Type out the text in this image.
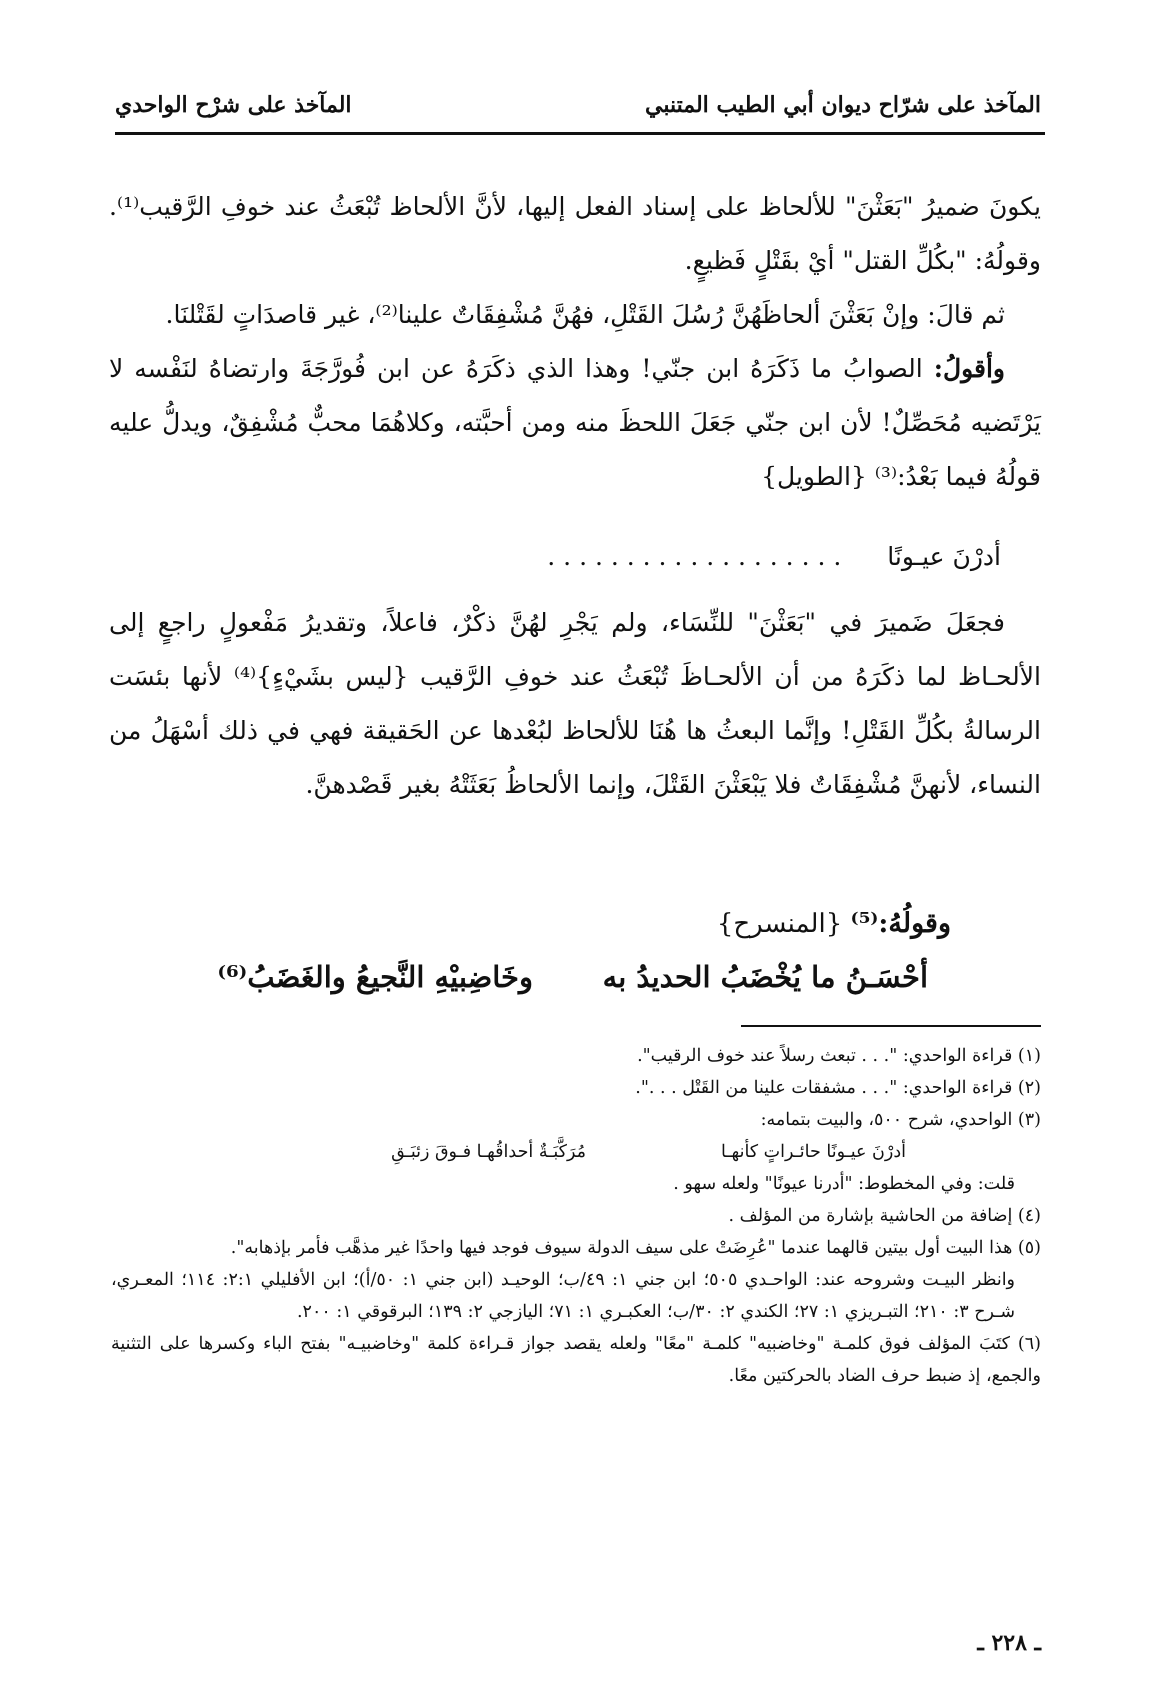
المآخذ على شرّاح ديوان أبي الطيب المتنبي
المآخذ على شرْح الواحدي

يكونَ ضميرُ "بَعَثْنَ" للألحاظ على إسناد الفعل إليها، لأنَّ الألحاظ تُبْعَثُ عند خوفِ الرَّقيب⁽¹⁾. وقولُهُ: "بكُلِّ القتل" أيْ بقَتْلٍ فَظيعٍ.

ثم قالَ: وإنْ بَعَثْنَ ألحاظَهُنَّ رُسُلَ القَتْلِ، فهُنَّ مُشْفِقَاتٌ علينا⁽²⁾، غير قاصدَاتٍ لقَتْلنَا.

وأقولُ: الصوابُ ما ذَكَرَهُ ابن جنّي! وهذا الذي ذكَرَهُ عن ابن فُورَّجَةَ وارتضاهُ لنَفْسه لا يَرْتَضيه مُحَصِّلٌ! لأن ابن جنّي جَعَلَ اللحظَ منه ومن أحبَّته، وكلاهُمَا محبٌّ مُشْفِقٌ، ويدلُّ عليه قولُهُ فيما بَعْدُ:⁽³⁾ {الطويل}

أدرْنَ عيـونًا . . . . . . . . . . . . . . . . . . .

فجعَلَ ضَميرَ في "بَعَثْنَ" للنِّسَاء، ولم يَجْرِ لهُنَّ ذكْرٌ، فاعلاً، وتقديرُ مَفْعولٍ راجعٍ إلى الألحـاظ لما ذكَرَهُ من أن الألحـاظَ تُبْعَثُ عند خوفِ الرَّقيب {ليس بشَيْءٍ}⁽⁴⁾ لأنها بئسَت الرسالةُ بكُلِّ القَتْلِ! وإنَّما البعثُ ها هُنَا للألحاظ لبُعْدها عن الحَقيقة فهي في ذلك أسْهَلُ من النساء، لأنهنَّ مُشْفِقَاتٌ فلا يَبْعَثْنَ القَتْلَ، وإنما الألحاظُ بَعَثَتْهُ بغير قَصْدهنَّ.

وقولُهُ:⁽⁵⁾ {المنسرح}
أحْسَـنُ ما يُخْضَبُ الحديدُ به
وخَاضِبيْهِ النَّجيعُ والغَضَبُ⁽⁶⁾

(١) قراءة الواحدي: ". . . تبعث رسلاً عند خوف الرقيب".

(٢) قراءة الواحدي: ". . . مشفقات علينا من القَتْل . . .".

(٣) الواحدي، شرح ٥٠٠، والبيت بتمامه:

أدرْنَ عيـونًا حائـراتٍ كأنهـا
مُرَكَّبَـةٌ أحداقُهـا فـوقَ زئبَـقِ

قلت: وفي المخطوط: "أدرنا عيونًا" ولعله سهو .

(٤) إضافة من الحاشية بإشارة من المؤلف .

(٥) هذا البيت أول بيتين قالهما عندما "عُرِضَتْ على سيف الدولة سيوف فوجد فيها واحدًا غير مذهَّب فأمر بإذهابه".

وانظر البيـت وشروحه عند: الواحـدي ٥٠٥؛ ابن جني ١: ٤٩/ب؛ الوحيـد (ابن جني ١: ٥٠/أ)؛ ابن الأفليلي ٢:١: ١١٤؛ المعـري، شـرح ٣: ٢١٠؛ التبـريزي ١: ٢٧؛ الكندي ٢: ٣٠/ب؛ العكبـري ١: ٧١؛ اليازجي ٢: ١٣٩؛ البرقوقي ١: ٢٠٠.

(٦) كتَبَ المؤلف فوق كلمـة "وخاضبيه" كلمـة "معًا" ولعله يقصد جواز قـراءة كلمة "وخاضبيـه" بفتح الباء وكسرها على التثنية والجمع، إذ ضبط حرف الضاد بالحركتين معًا.

ـ ٢٢٨ ـ
